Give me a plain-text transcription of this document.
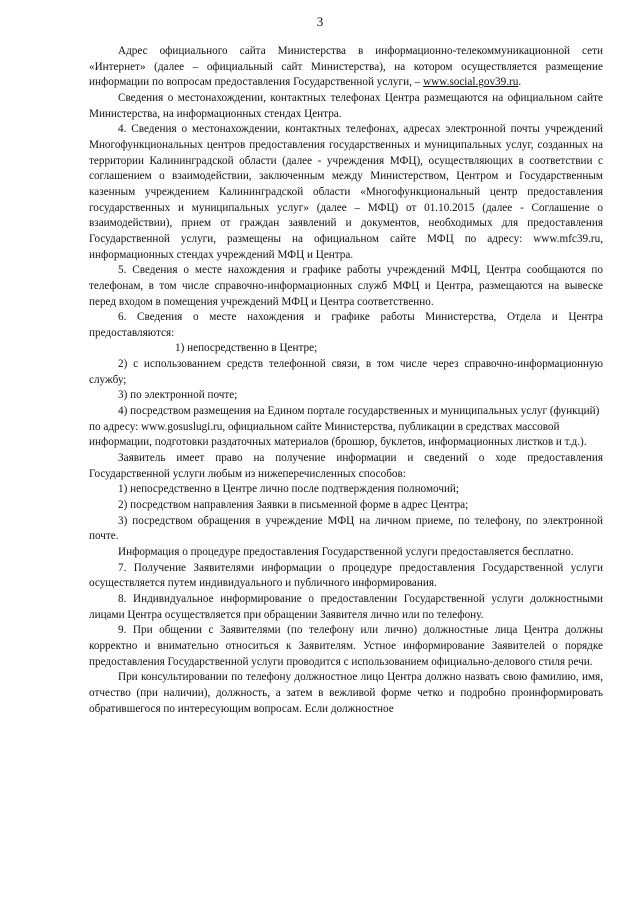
3

Адрес официального сайта Министерства в информационно-телекоммуникационной сети «Интернет» (далее – официальный сайт Министерства), на котором осуществляется размещение информации по вопросам предоставления Государственной услуги, – www.social.gov39.ru.

Сведения о местонахождении, контактных телефонах Центра размещаются на официальном сайте Министерства, на информационных стендах Центра.

4. Сведения о местонахождении, контактных телефонах, адресах электронной почты учреждений Многофункциональных центров предоставления государственных и муниципальных услуг, созданных на территории Калининградской области (далее - учреждения МФЦ), осуществляющих в соответствии с соглашением о взаимодействии, заключенным между Министерством, Центром и Государственным казенным учреждением Калининградской области «Многофункциональный центр предоставления государственных и муниципальных услуг» (далее – МФЦ) от 01.10.2015 (далее - Соглашение о взаимодействии), прием от граждан заявлений и документов, необходимых для предоставления Государственной услуги, размещены на официальном сайте МФЦ по адресу: www.mfc39.ru, информационных стендах учреждений МФЦ и Центра.

5. Сведения о месте нахождения и графике работы учреждений МФЦ, Центра сообщаются по телефонам, в том числе справочно-информационных служб МФЦ и Центра, размещаются на вывеске перед входом в помещения учреждений МФЦ и Центра соответственно.

6. Сведения о месте нахождения и графике работы Министерства, Отдела и Центра предоставляются:

1) непосредственно в Центре;

2) с использованием средств телефонной связи, в том числе через справочно-информационную службу;

3) по электронной почте;

4) посредством размещения на Едином портале государственных и муниципальных услуг (функций) по адресу: www.gosuslugi.ru, официальном сайте Министерства, публикации в средствах массовой информации, подготовки раздаточных материалов (брошюр, буклетов, информационных листков и т.д.).

Заявитель имеет право на получение информации и сведений о ходе предоставления Государственной услуги любым из нижеперечисленных способов:

1) непосредственно в Центре лично после подтверждения полномочий;

2) посредством направления Заявки в письменной форме в адрес Центра;

3) посредством обращения в учреждение МФЦ на личном приеме, по телефону, по электронной почте.

Информация о процедуре предоставления Государственной услуги предоставляется бесплатно.

7. Получение Заявителями информации о процедуре предоставления Государственной услуги осуществляется путем индивидуального и публичного информирования.

8. Индивидуальное информирование о предоставлении Государственной услуги должностными лицами Центра осуществляется при обращении Заявителя лично или по телефону.

9. При общении с Заявителями (по телефону или лично) должностные лица Центра должны корректно и внимательно относиться к Заявителям. Устное информирование Заявителей о порядке предоставления Государственной услуги проводится с использованием официально-делового стиля речи.

При консультировании по телефону должностное лицо Центра должно назвать свою фамилию, имя, отчество (при наличии), должность, а затем в вежливой форме четко и подробно проинформировать обратившегося по интересующим вопросам. Если должностное
